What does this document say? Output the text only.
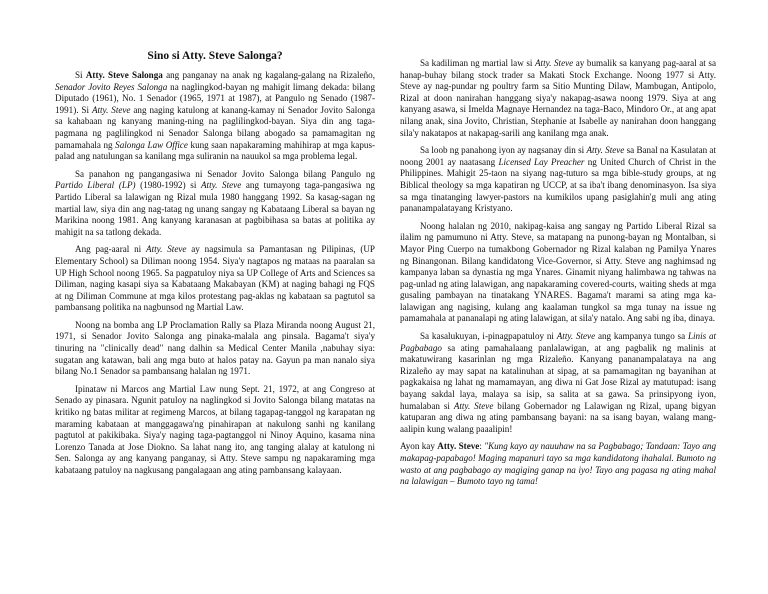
Sino si Atty. Steve Salonga?

Si Atty. Steve Salonga ang panganay na anak ng kagalang-galang na Rizaleño, Senador Jovito Reyes Salonga na naglingkod-bayan ng mahigit limang dekada: bilang Diputado (1961), No. 1 Senador (1965, 1971 at 1987), at Pangulo ng Senado (1987-1991). Si Atty. Steve ang naging katulong at kanang-kamay ni Senador Jovito Salonga sa kahabaan ng kanyang maning-ning na paglilingkod-bayan. Siya din ang taga-pagmana ng paglilingkod ni Senador Salonga bilang abogado sa pamamagitan ng pamamahala ng Salonga Law Office kung saan napakaraming mahihirap at mga kapus-palad ang natulungan sa kanilang mga suliranin na nauukol sa mga problema legal.

Sa panahon ng pangangasiwa ni Senador Jovito Salonga bilang Pangulo ng Partido Liberal (LP) (1980-1992) si Atty. Steve ang tumayong taga-pangasiwa ng Partido Liberal sa lalawigan ng Rizal mula 1980 hanggang 1992. Sa kasag-sagan ng martial law, siya din ang nag-tatag ng unang sangay ng Kabataang Liberal sa bayan ng Marikina noong 1981. Ang kanyang karanasan at pagbibihasa sa batas at politika ay mahigit na sa tatlong dekada.

Ang pag-aaral ni Atty. Steve ay nagsimula sa Pamantasan ng Pilipinas, (UP Elementary School) sa Diliman noong 1954. Siya'y nagtapos ng mataas na paaralan sa UP High School noong 1965. Sa pagpatuloy niya sa UP College of Arts and Sciences sa Diliman, naging kasapi siya sa Kabataang Makabayan (KM) at naging bahagi ng FQS at ng Diliman Commune at mga kilos protestang pag-aklas ng kabataan sa pagtutol sa pambansang politika na nagbunsod ng Martial Law.

Noong na bomba ang LP Proclamation Rally sa Plaza Miranda noong August 21, 1971, si Senador Jovito Salonga ang pinaka-malala ang pinsala. Bagama't siya'y tinuring na "clinically dead" nang dalhin sa Medical Center Manila ,nabuhay siya: sugatan ang katawan, bali ang mga buto at halos patay na. Gayun pa man nanalo siya bilang No.1 Senador sa pambansang halalan ng 1971.

Ipinataw ni Marcos ang Martial Law nung Sept. 21, 1972, at ang Congreso at Senado ay pinasara. Ngunit patuloy na naglingkod si Jovito Salonga bilang matatas na kritiko ng batas militar at regimeng Marcos, at bilang tagapag-tanggol ng karapatan ng maraming kabataan at manggagawa'ng pinahirapan at nakulong sanhi ng kanilang pagtutol at pakikibaka. Siya'y naging taga-pagtanggol ni Ninoy Aquino, kasama nina Lorenzo Tanada at Jose Diokno. Sa lahat nang ito, ang tanging alalay at katulong ni Sen. Salonga ay ang kanyang panganay, si Atty. Steve sampu ng napakaraming mga kabataang patuloy na nagkusang pangalagaan ang ating pambansang kalayaan.

Sa kadiliman ng martial law si Atty. Steve ay bumalik sa kanyang pag-aaral at sa hanap-buhay bilang stock trader sa Makati Stock Exchange. Noong 1977 si Atty. Steve ay nag-pundar ng poultry farm sa Sitio Munting Dilaw, Mambugan, Antipolo, Rizal at doon nanirahan hanggang siya'y nakapag-asawa noong 1979. Siya at ang kanyang asawa, si Imelda Magnaye Hernandez na taga-Baco, Mindoro Or., at ang apat nilang anak, sina Jovito, Christian, Stephanie at Isabelle ay nanirahan doon hanggang sila'y nakatapos at nakapag-sarili ang kanilang mga anak.

Sa loob ng panahong iyon ay nagsanay din si Atty. Steve sa Banal na Kasulatan at noong 2001 ay naatasang Licensed Lay Preacher ng United Church of Christ in the Philippines. Mahigit 25-taon na siyang nag-tuturo sa mga bible-study groups, at ng Biblical theology sa mga kapatiran ng UCCP, at sa iba't ibang denominasyon. Isa siya sa mga tinatanging lawyer-pastors na kumikilos upang pasiglahin'g muli ang ating pananampalatayang Kristyano.

Noong halalan ng 2010, nakipag-kaisa ang sangay ng Partido Liberal Rizal sa ilalim ng pamumuno ni Atty. Steve, sa matapang na punong-bayan ng Montalban, si Mayor Ping Cuerpo na tumakbong Gobernador ng Rizal kalaban ng Pamilya Ynares ng Binangonan. Bilang kandidatong Vice-Governor, si Atty. Steve ang naghimsad ng kampanya laban sa dynastia ng mga Ynares. Ginamit niyang halimbawa ng tahwas na pag-unlad ng ating lalawigan, ang napakaraming covered-courts, waiting sheds at mga gusaling pambayan na tinatakang YNARES. Bagama't marami sa ating mga ka-lalawigan ang nagising, kulang ang kaalaman tungkol sa mga tunay na issue ng pamamahala at pananalapi ng ating lalawigan, at sila'y natalo. Ang sabi ng iba, dinaya.

Sa kasalukuyan, i-pinagpapatuloy ni Atty. Steve ang kampanya tungo sa Linis at Pagbabago sa ating pamahalaang panlalawigan, at ang pagbalik ng malinis at makatuwirang kasarinlan ng mga Rizaleño. Kanyang pananampalataya na ang Rizaleño ay may sapat na katalinuhan at sipag, at sa pamamagitan ng bayanihan at pagkakaisa ng lahat ng mamamayan, ang diwa ni Gat Jose Rizal ay matutupad: isang bayang sakdal laya, malaya sa isip, sa salita at sa gawa. Sa prinsipyong iyon, humalaban si Atty. Steve bilang Gobernador ng Lalawigan ng Rizal, upang bigyan katuparan ang diwa ng ating pambansang bayani: na sa isang bayan, walang mang-aalipin kung walang paaalipin!

Ayon kay Atty. Steve: "Kung kayo ay nauuhaw na sa Pagbabago; Tandaan: Tayo ang makapag-papabago! Maging mapanuri tayo sa mga kandidatong ihahalal. Bumoto ng wasto at ang pagbabago ay magiging ganap na iyo! Tayo ang pagasa ng ating mahal na lalawigan – Bumoto tayo ng tama!
